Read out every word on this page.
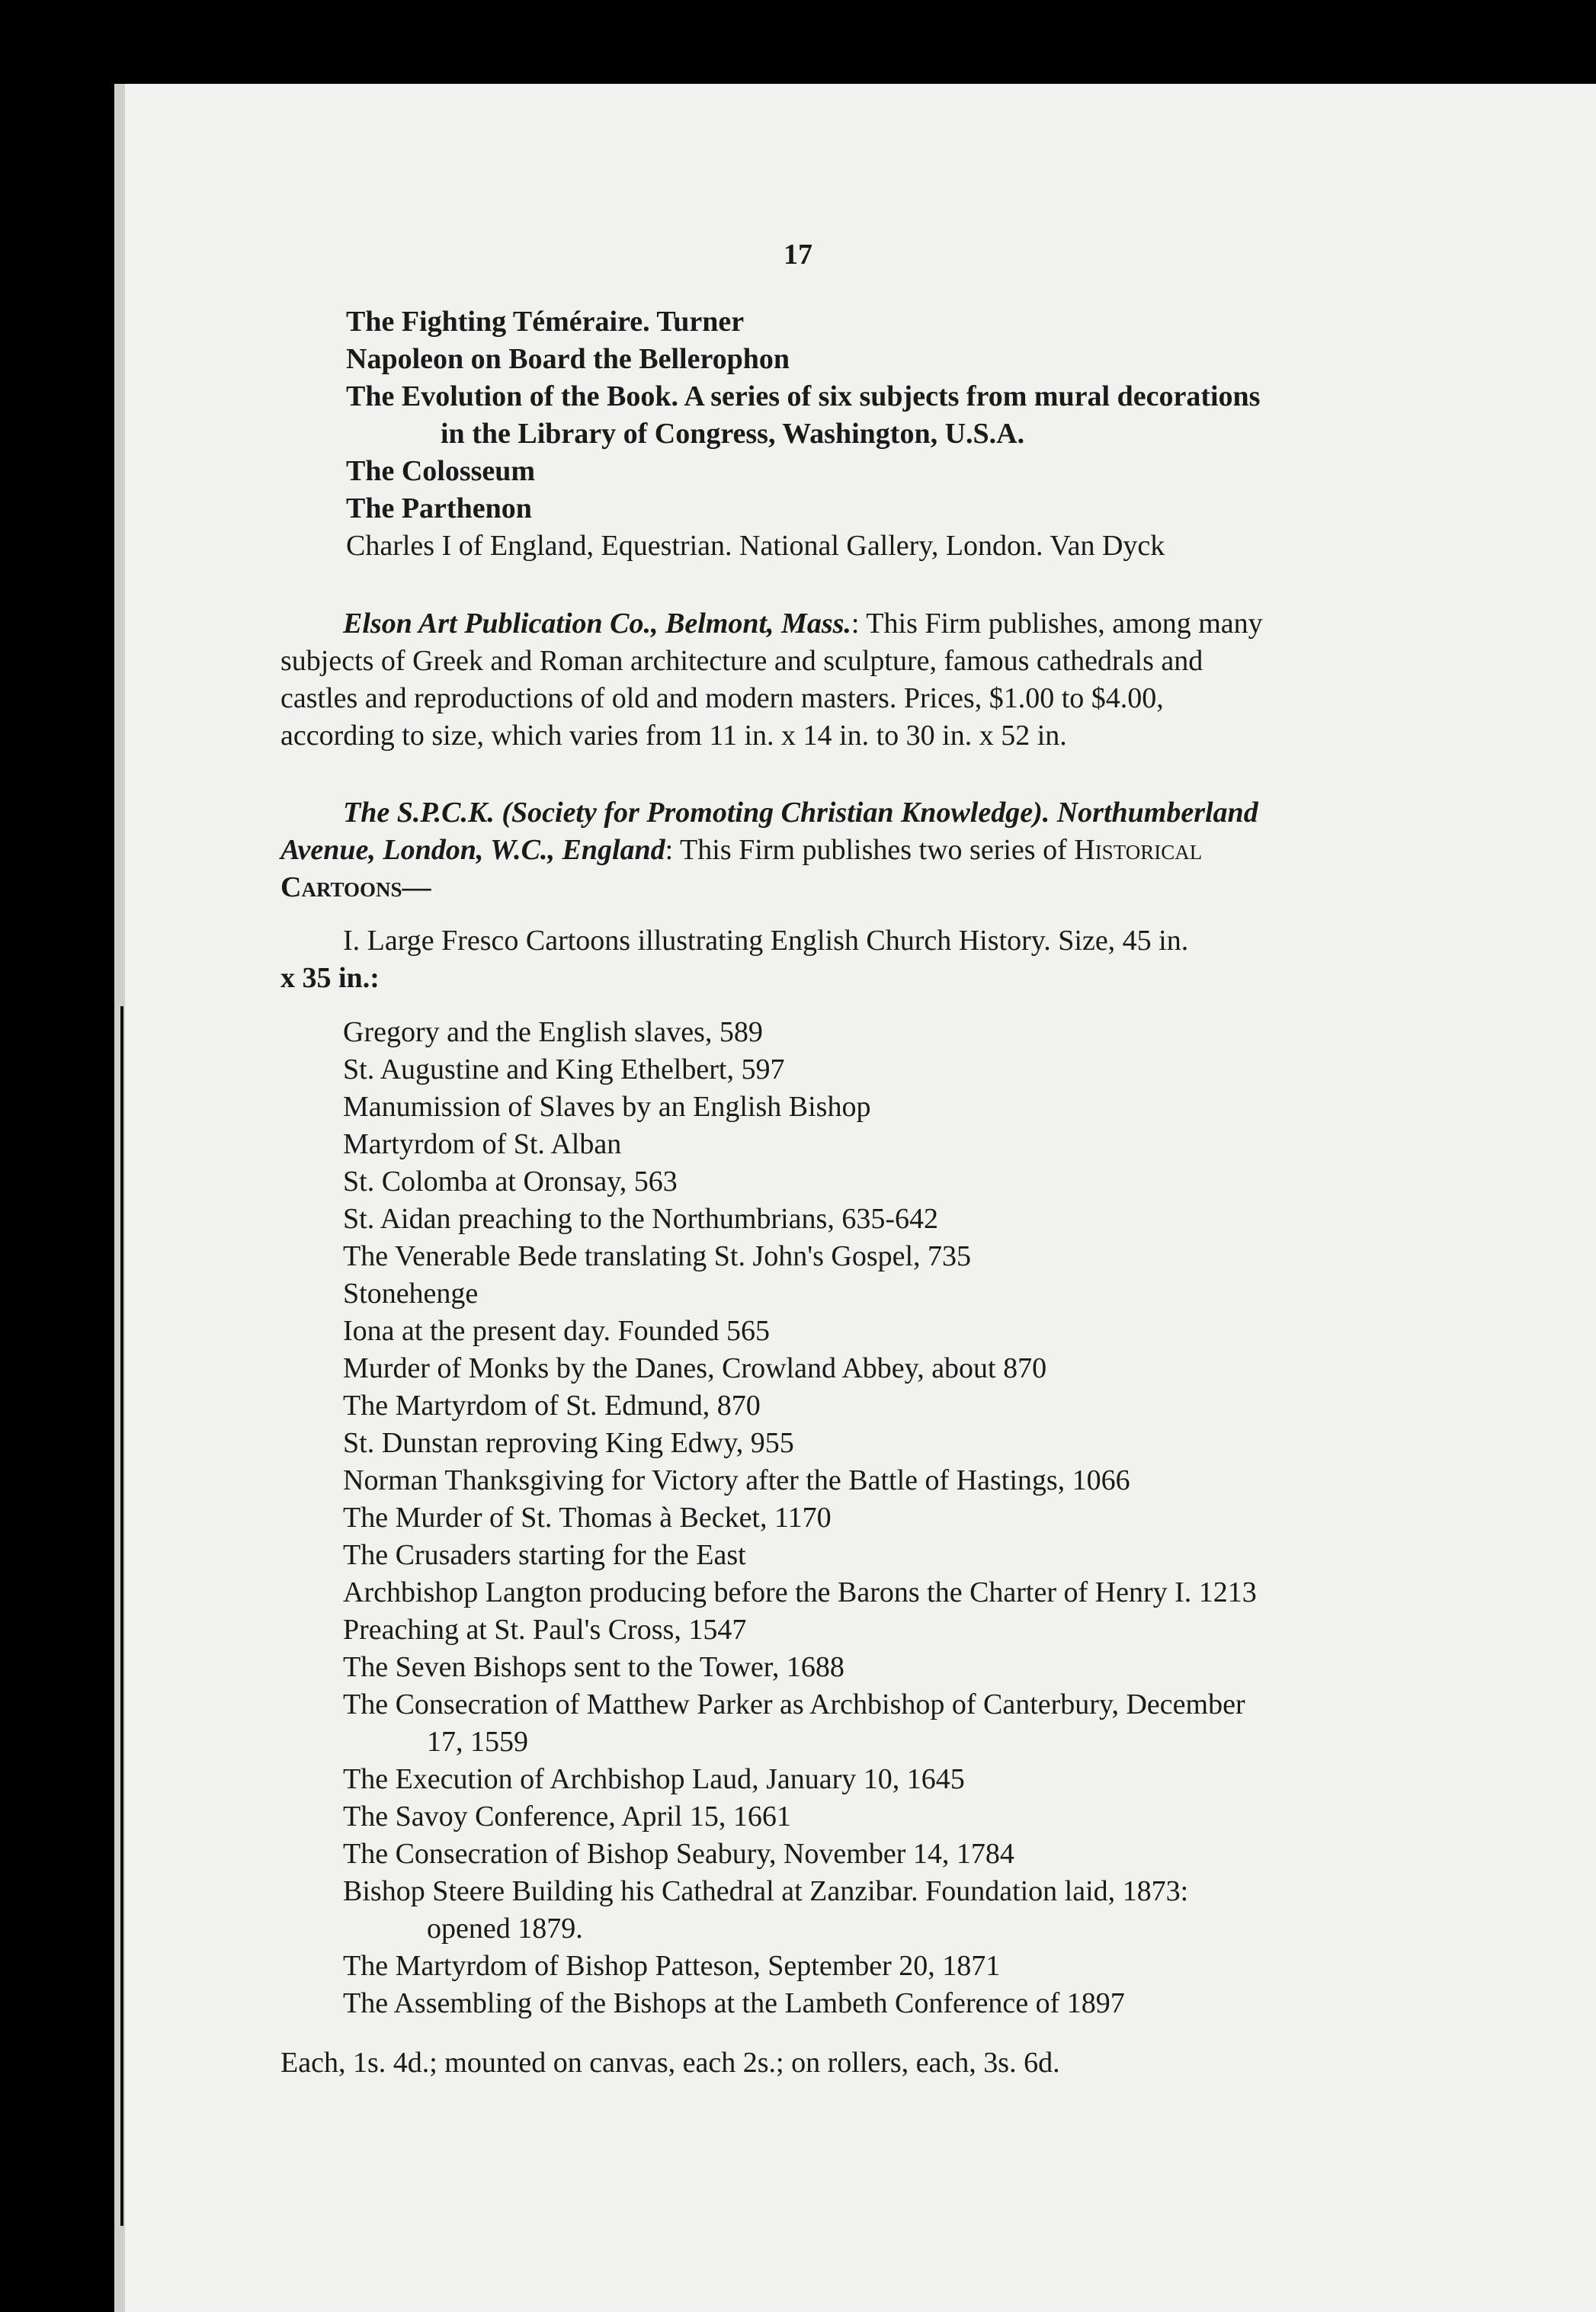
17
The Fighting Téméraire. Turner
Napoleon on Board the Bellerophon
The Evolution of the Book. A series of six subjects from mural decorations
in the Library of Congress, Washington, U.S.A.
The Colosseum
The Parthenon
Charles I of England, Equestrian. National Gallery, London. Van Dyck
Elson Art Publication Co., Belmont, Mass.: This Firm publishes, among many
subjects of Greek and Roman architecture and sculpture, famous cathedrals and
castles and reproductions of old and modern masters. Prices, $1.00 to $4.00,
according to size, which varies from 11 in. x 14 in. to 30 in. x 52 in.
The S.P.C.K. (Society for Promoting Christian Knowledge). Northumberland
Avenue, London, W.C., England: This Firm publishes two series of Historical
Cartoons—
I. Large Fresco Cartoons illustrating English Church History. Size, 45 in.
x 35 in.:
Gregory and the English slaves, 589
St. Augustine and King Ethelbert, 597
Manumission of Slaves by an English Bishop
Martyrdom of St. Alban
St. Colomba at Oronsay, 563
St. Aidan preaching to the Northumbrians, 635-642
The Venerable Bede translating St. John's Gospel, 735
Stonehenge
Iona at the present day. Founded 565
Murder of Monks by the Danes, Crowland Abbey, about 870
The Martyrdom of St. Edmund, 870
St. Dunstan reproving King Edwy, 955
Norman Thanksgiving for Victory after the Battle of Hastings, 1066
The Murder of St. Thomas à Becket, 1170
The Crusaders starting for the East
Archbishop Langton producing before the Barons the Charter of Henry I. 1213
Preaching at St. Paul's Cross, 1547
The Seven Bishops sent to the Tower, 1688
The Consecration of Matthew Parker as Archbishop of Canterbury, December
17, 1559
The Execution of Archbishop Laud, January 10, 1645
The Savoy Conference, April 15, 1661
The Consecration of Bishop Seabury, November 14, 1784
Bishop Steere Building his Cathedral at Zanzibar. Foundation laid, 1873:
opened 1879.
The Martyrdom of Bishop Patteson, September 20, 1871
The Assembling of the Bishops at the Lambeth Conference of 1897
Each, 1s. 4d.; mounted on canvas, each 2s.; on rollers, each, 3s. 6d.
